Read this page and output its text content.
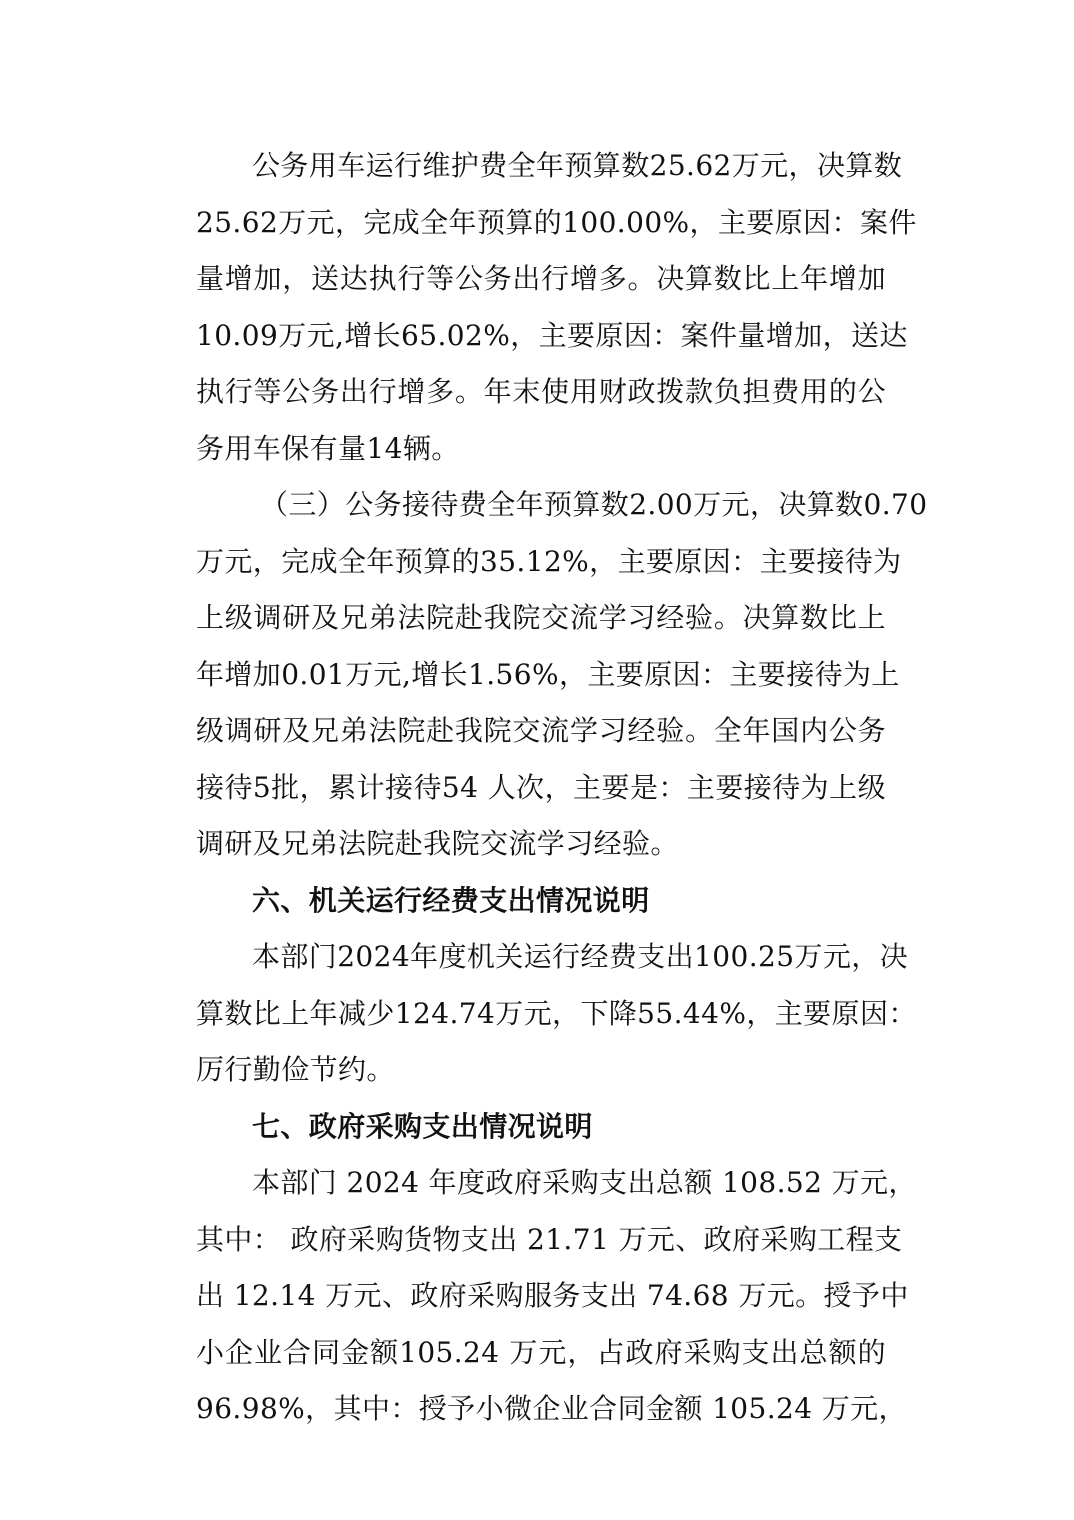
公务用车运行维护费全年预算数25.62万元，决算数
25.62万元，完成全年预算的100.00%，主要原因：案件
量增加，送达执行等公务出行增多。决算数比上年增加
10.09万元,增长65.02%，主要原因：案件量增加，送达
执行等公务出行增多。年末使用财政拨款负担费用的公
务用车保有量14辆。
（三）公务接待费全年预算数2.00万元，决算数0.70
万元，完成全年预算的35.12%，主要原因：主要接待为
上级调研及兄弟法院赴我院交流学习经验。决算数比上
年增加0.01万元,增长1.56%，主要原因：主要接待为上
级调研及兄弟法院赴我院交流学习经验。全年国内公务
接待5批，累计接待54 人次，主要是：主要接待为上级
调研及兄弟法院赴我院交流学习经验。
六、机关运行经费支出情况说明
本部门2024年度机关运行经费支出100.25万元，决
算数比上年减少124.74万元，下降55.44%，主要原因：
厉行勤俭节约。
七、政府采购支出情况说明
本部门 2024 年度政府采购支出总额 108.52 万元，
其中： 政府采购货物支出 21.71 万元、政府采购工程支
出 12.14 万元、政府采购服务支出 74.68 万元。授予中
小企业合同金额105.24 万元，占政府采购支出总额的
96.98%，其中：授予小微企业合同金额 105.24 万元，
